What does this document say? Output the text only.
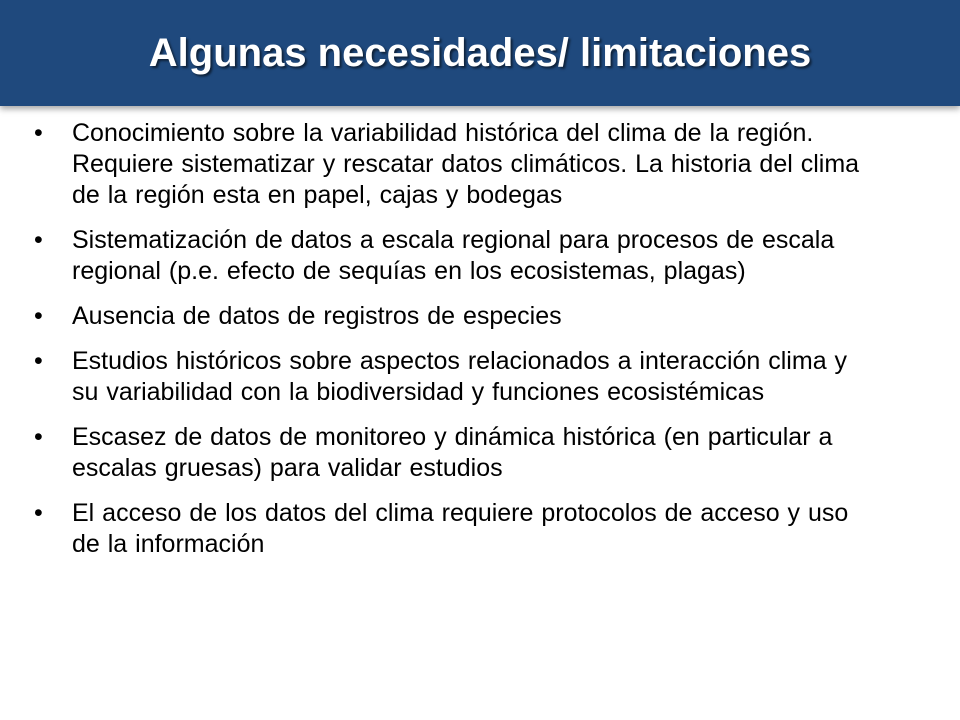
Algunas necesidades/ limitaciones
•	Conocimiento sobre la variabilidad histórica del clima de la región. Requiere sistematizar y rescatar datos climáticos. La historia del clima de la región esta en papel, cajas y bodegas
•	Sistematización de datos a escala regional para procesos de escala regional (p.e. efecto de sequías en los ecosistemas, plagas)
•	Ausencia de datos de registros de especies
•	Estudios históricos sobre aspectos relacionados a interacción clima y su variabilidad con la biodiversidad y funciones ecosistémicas
•	Escasez de datos de monitoreo y dinámica histórica (en particular a escalas gruesas) para validar estudios
•	El acceso de los datos del clima requiere protocolos de acceso y uso de la información
